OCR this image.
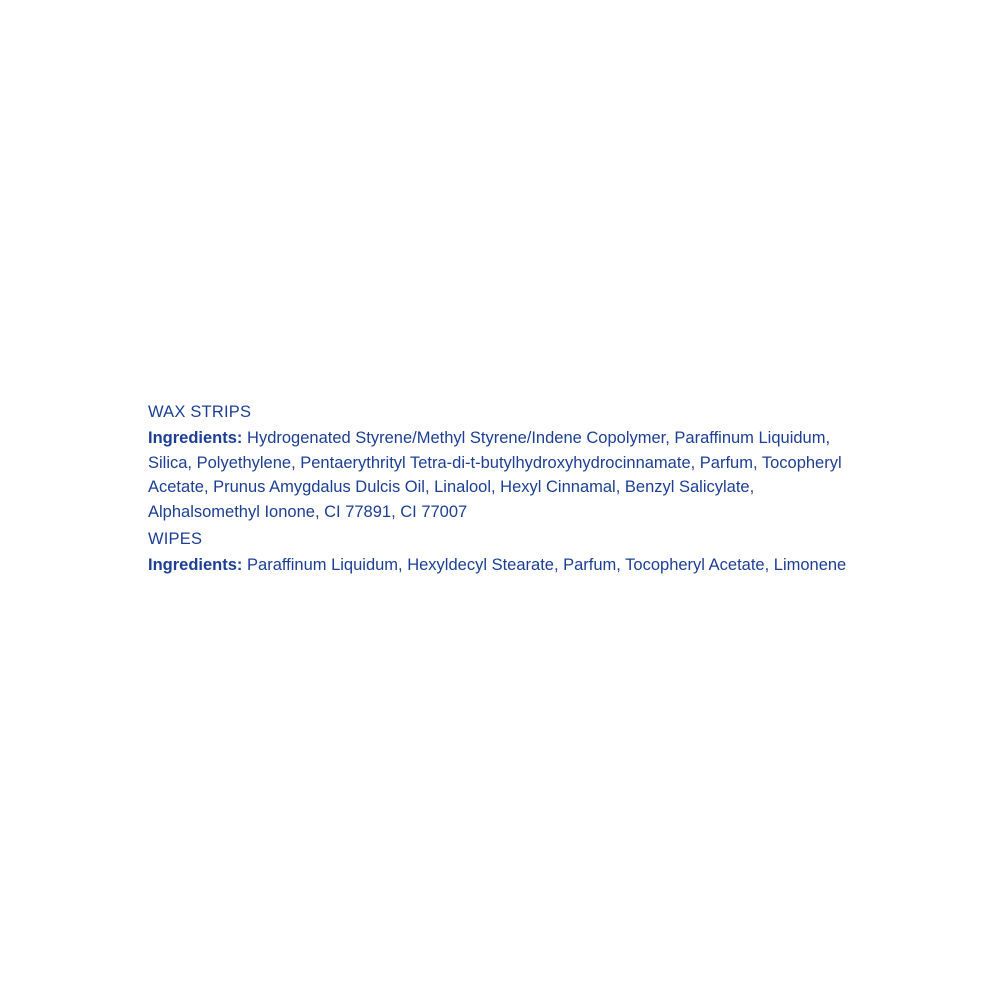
WAX STRIPS

Ingredients: Hydrogenated Styrene/Methyl Styrene/Indene Copolymer, Paraffinum Liquidum, Silica, Polyethylene, Pentaerythrityl Tetra-di-t-butylhydroxyhydrocinnamate, Parfum, Tocopheryl Acetate, Prunus Amygdalus Dulcis Oil, Linalool, Hexyl Cinnamal, Benzyl Salicylate, Alphalsomethyl Ionone, CI 77891, CI 77007

WIPES

Ingredients: Paraffinum Liquidum, Hexyldecyl Stearate, Parfum, Tocopheryl Acetate, Limonene
